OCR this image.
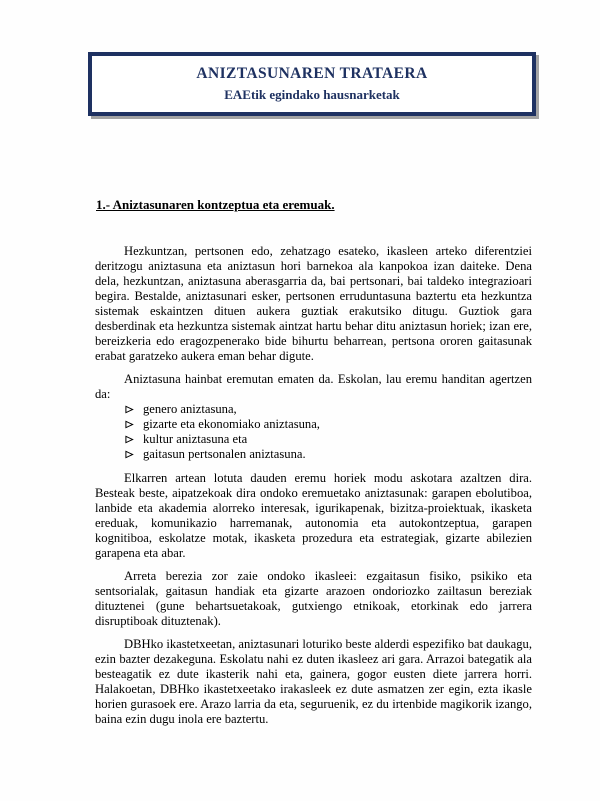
ANIZTASUNAREN TRATAERA
EAEtik egindako hausnarketak
1.- Aniztasunaren kontzeptua eta eremuak.

Hezkuntzan, pertsonen edo, zehatzago esateko, ikasleen arteko diferentziei deritzogu aniztasuna eta aniztasun hori barnekoa ala kanpokoa izan daiteke. Dena dela, hezkuntzan, aniztasuna aberasgarria da, bai pertsonari, bai taldeko integrazioari begira. Bestalde, aniztasunari esker, pertsonen erruduntasuna baztertu eta hezkuntza sistemak eskaintzen dituen aukera guztiak erakutsiko ditugu. Guztiok gara desberdinak eta hezkuntza sistemak aintzat hartu behar ditu aniztasun horiek; izan ere, bereizkeria edo eragozpenerako bide bihurtu beharrean, pertsona ororen gaitasunak erabat garatzeko aukera eman behar digute.

Aniztasuna hainbat eremutan ematen da. Eskolan, lau eremu handitan agertzen da:

genero aniztasuna,
gizarte eta ekonomiako aniztasuna,
kultur aniztasuna eta
gaitasun pertsonalen aniztasuna.

Elkarren artean lotuta dauden eremu horiek modu askotara azaltzen dira. Besteak beste, aipatzekoak dira ondoko eremuetako aniztasunak: garapen ebolutiboa, lanbide eta akademia alorreko interesak, igurikapenak, bizitza-proiektuak, ikasketa ereduak, komunikazio harremanak, autonomia eta autokontzeptua, garapen kognitiboa, eskolatze motak, ikasketa prozedura eta estrategiak, gizarte abilezien garapena eta abar.

Arreta berezia zor zaie ondoko ikasleei: ezgaitasun fisiko, psikiko eta sentsorialak, gaitasun handiak eta gizarte arazoen ondoriozko zailtasun bereziak dituztenei (gune behartsuetakoak, gutxiengo etnikoak, etorkinak edo jarrera disruptiboak dituztenak).

DBHko ikastetxeetan, aniztasunari loturiko beste alderdi espezifiko bat daukagu, ezin bazter dezakeguna. Eskolatu nahi ez duten ikasleez ari gara. Arrazoi bategatik ala besteagatik ez dute ikasterik nahi eta, gainera, gogor eusten diete jarrera horri. Halakoetan, DBHko ikastetxeetako irakasleek ez dute asmatzen zer egin, ezta ikasle horien gurasoek ere. Arazo larria da eta, seguruenik, ez du irtenbide magikorik izango, baina ezin dugu inola ere baztertu.
